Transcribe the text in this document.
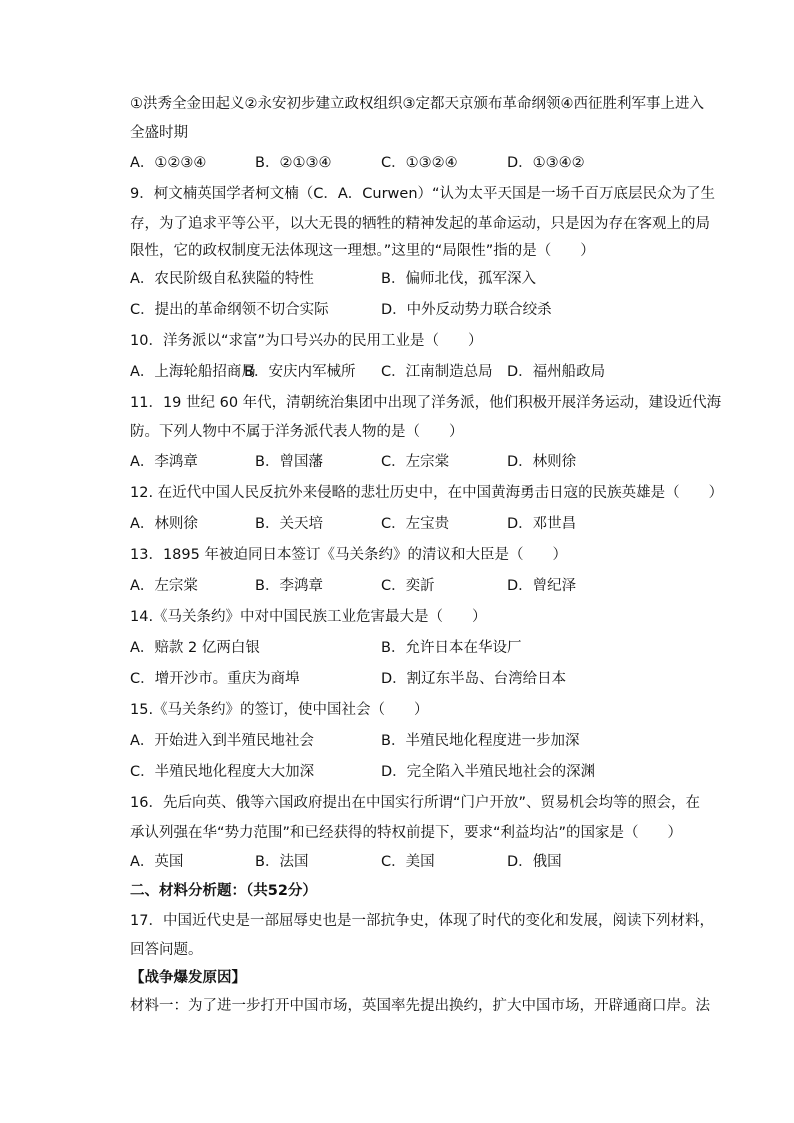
①洪秀全金田起义②永安初步建立政权组织③定都天京颁布革命纲领④西征胜利军事上进入
全盛时期
A．①②③④	B．②①③④	C．①③②④	D．①③④②
9．柯文楠英国学者柯文楠（C．A．Curwen）“认为太平天国是一场千百万底层民众为了生
存，为了追求平等公平，以大无畏的牺牲的精神发起的革命运动，只是因为存在客观上的局
限性，它的政权制度无法体现这一理想。”这里的“局限性”指的是（　　）
A．农民阶级自私狭隘的特性	B．偏师北伐，孤军深入
C．提出的革命纲领不切合实际	D．中外反动势力联合绞杀
10．洋务派以“求富”为口号兴办的民用工业是（　　）
A．上海轮船招商局
B．安庆内军械所 C．江南制造总局 D．福州船政局
11．19 世纪 60 年代，清朝统治集团中出现了洋务派，他们积极开展洋务运动，建设近代海
防。下列人物中不属于洋务派代表人物的是（　　）
A．李鸿章	B．曾国藩	C．左宗棠	D．林则徐
12. 在近代中国人民反抗外来侵略的悲壮历史中，在中国黄海勇击日寇的民族英雄是（　　）
A．林则徐	B．关天培	C．左宝贵	D．邓世昌
13．1895 年被迫同日本签订《马关条约》的清议和大臣是（　　）
A．左宗棠	B．李鸿章	C．奕訢	D．曾纪泽
14.《马关条约》中对中国民族工业危害最大是（　　）
A．赔款 2 亿两白银	B．允许日本在华设厂
C．增开沙市。重庆为商埠	D．割辽东半岛、台湾给日本
15.《马关条约》的签订，使中国社会（　　）
A．开始进入到半殖民地社会	B．半殖民地化程度进一步加深
C．半殖民地化程度大大加深	D．完全陷入半殖民地社会的深渊
16．先后向英、俄等六国政府提出在中国实行所谓“门户开放”、贸易机会均等的照会，在
承认列强在华“势力范围”和已经获得的特权前提下，要求“利益均沾”的国家是（　　）
A．英国	B．法国	C．美国	D．俄国
二、材料分析题：（共52分）
17．中国近代史是一部屈辱史也是一部抗争史，体现了时代的变化和发展，阅读下列材料，
回答问题。
【战争爆发原因】
材料一：为了进一步打开中国市场，英国率先提出换约，扩大中国市场，开辟通商口岸。法
